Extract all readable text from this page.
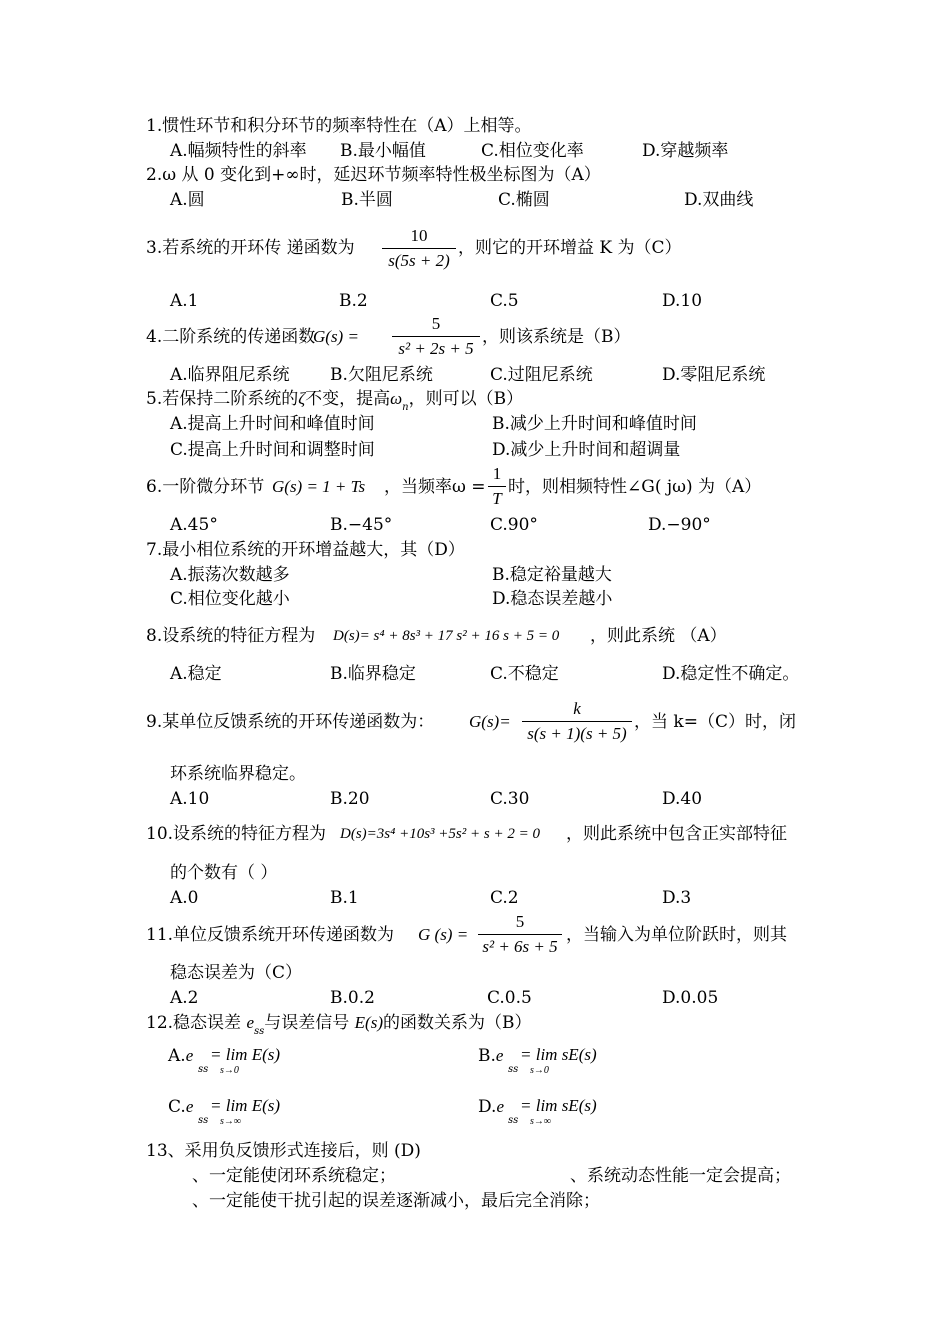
1.惯性环节和积分环节的频率特性在（A）上相等。
A.幅频特性的斜率 B.最小幅值	C.相位变化率	D.穿越频率
2.ω 从 0 变化到+∞时，延迟环节频率特性极坐标图为（A）
A.圆	B.半圆	C.椭圆	D.双曲线
3.若系统的开环传 递函数为
10
s(5s + 2)
，则它的开环增益 K 为（C）
A.1	B.2	C.5	D.10
4.二阶系统的传递函数
G(s) =
5
s² + 2s + 5
，则该系统是（B）
A.临界阻尼系统 B.欠阻尼系统	C.过阻尼系统	D.零阻尼系统
5.若保持二阶系统的ζ不变，提高$\omega_n$，则可以（B）
A.提高上升时间和峰值时间	B.减少上升时间和峰值时间
C.提高上升时间和调整时间	D.减少上升时间和超调量
6.一阶微分环节 G(s) = 1 + Ts ，当频率ω =
1
T
时，则相频特性∠G( jω) 为（A）
A.45°	B.−45°	C.90°	D.−90°
7.最小相位系统的开环增益越大，其（D）
A.振荡次数越多	B.稳定裕量越大
C.相位变化越小	D.稳态误差越小
8.设系统的特征方程为 D(s)= s⁴ + 8s³ + 17 s² + 16 s + 5 = 0 ，则此系统 （A）
A.稳定	B.临界稳定	C.不稳定	D.稳定性不确定。
9.某单位反馈系统的开环传递函数为： G(s)=
k
s(s + 1)(s + 5)
，当 k=（C）时，闭
环系统临界稳定。
A.10	B.20	C.30	D.40
10.设系统的特征方程为 D(s)=3s⁴ +10s³ +5s² + s + 2 = 0 ，则此系统中包含正实部特征
的个数有（ ）
A.0	B.1	C.2	D.3
11.单位反馈系统开环传递函数为 G (s) =
5
s² + 6s + 5
，当输入为单位阶跃时，则其
稳态误差为（C）
A.2	B.0.2	C.0.5	D.0.05
12.稳态误差 $e_{ss}$与误差信号 E(s)的函数关系为（B）
A.e
ss
= lim E(s)
s→0
B.e
ss
= lim sE(s)
s→0
C.e
ss
= lim E(s)
s→∞
D.e
ss
= lim sE(s)
s→∞
13、采用负反馈形式连接后，则 (D)
、一定能使闭环系统稳定；	、系统动态性能一定会提高；
、一定能使干扰引起的误差逐渐减小，最后完全消除；
